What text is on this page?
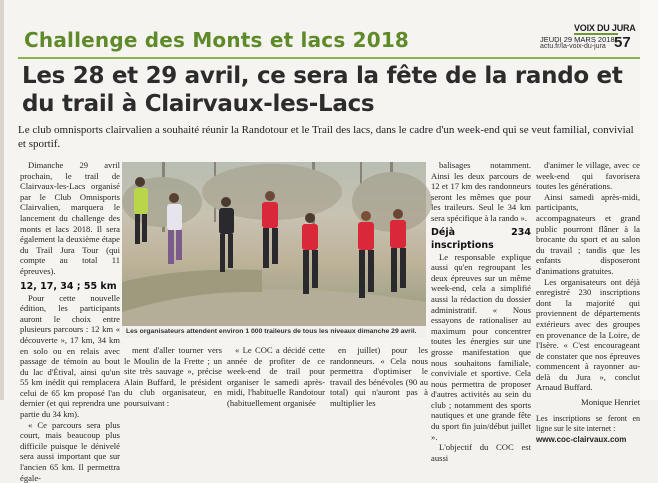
Challenge des Monts et lacs 2018	VOIX DU JURA
JEUDI 29 MARS 2018
actu.fr/la-voix-du-jura 57
Les 28 et 29 avril, ce sera la fête de la rando et du trail à Clairvaux-les-Lacs

Le club omnisports clairvalien a souhaité réunir la Randotour et le Trail des lacs, dans le cadre d'un week-end qui se veut familial, convivial et sportif.

Dimanche 29 avril prochain, le trail de Clairvaux-les-Lacs organisé par le Club Omnisports Clairvalien, marquera le lancement du challenge des monts et lacs 2018. Il sera également la deuxième étape du Trail Jura Tour (qui compte au total 11 épreuves).

12, 17, 34 ; 55 km

Pour cette nouvelle édition, les participants auront le choix entre plusieurs parcours : 12 km « découverte », 17 km, 34 km en solo ou en relais avec passage de témoin au bout du lac d'Étival, ainsi qu'un 55 km inédit qui remplacera celui de 65 km proposé l'an dernier (et qui reprendra une partie du 34 km).

« Ce parcours sera plus court, mais beaucoup plus difficile puisque le dénivelé sera aussi important que sur l'ancien 65 km. Il permettra égale-

Les organisateurs attendent environ 1 000 traileurs de tous les niveaux dimanche 29 avril.

ment d'aller tourner vers le Moulin de la Frette ; un site très sauvage », précise Alain Buffard, le président du club organisateur, en poursuivant :

« Le COC a décidé cette année de profiter de ce week-end de trail pour organiser le samedi après-midi, l'habituelle Randotour (habituellement organisée

en juillet) pour les randonneurs. « Cela nous permettra d'optimiser le travail des bénévoles (90 au total) qui n'auront pas à multiplier les

balisages notamment. Ainsi les deux parcours de 12 et 17 km des randonneurs seront les mêmes que pour les traileurs. Seul le 34 km sera spécifique à la rando ».

Déjà 234 inscriptions

Le responsable explique aussi qu'en regroupant les deux épreuves sur un même week-end, cela a simplifié aussi la rédaction du dossier administratif. « Nous essayons de rationaliser au maximum pour concentrer toutes les énergies sur une grosse manifestation que nous souhaitons familiale, conviviale et sportive. Cela nous permettra de proposer d'autres activités au sein du club ; notamment des sports nautiques et une grande fête du sport fin juin/début juillet ».

L'objectif du COC est aussi

d'animer le village, avec ce week-end qui favorisera toutes les générations.

Ainsi samedi après-midi, participants, accompagnateurs et grand public pourront flâner à la brocante du sport et au salon du travail ; tandis que les enfants disposeront d'animations gratuites.

Les organisateurs ont déjà enregistré 230 inscriptions dont la majorité qui proviennent de départements extérieurs avec des groupes en provenance de la Loire, de l'Isère. « C'est encourageant de constater que nos épreuves commencent à rayonner au-delà du Jura », conclut Arnaud Buffard.

Monique Henriet

Les inscriptions se feront en ligne sur le site internet :

www.coc-clairvaux.com
